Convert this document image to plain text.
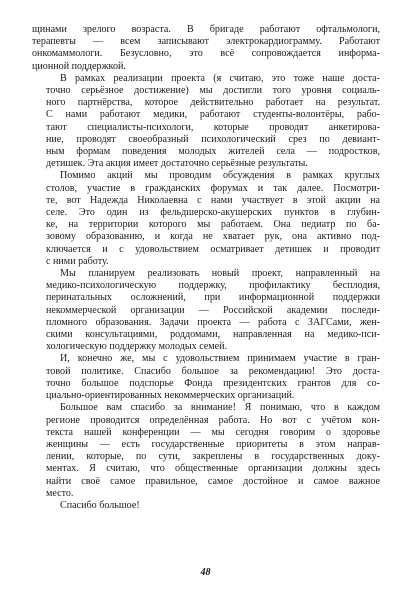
щинами зрелого возраста. В бригаде работают офтальмологи,
терапевты — всем записывают электрокардиограмму. Работают
онкомаммологи. Безусловно, это всё сопровождается информа-
ционной поддержкой.
В рамках реализации проекта (я считаю, это тоже наше доста-
точно серьёзное достижение) мы достигли того уровня социаль-
ного партнёрства, которое действительно работает на результат.
С нами работают медики, работают студенты-волонтёры, рабо-
тают специалисты-психологи, которые проводят анкетирова-
ние, проводят своеобразный психологический срез по девиант-
ным формам поведения молодых жителей села — подростков,
детишек. Эта акция имеет достаточно серьёзные результаты.
Помимо акций мы проводим обсуждения в рамках круглых
столов, участие в гражданских форумах и так далее. Посмотри-
те, вот Надежда Николаевна с нами участвует в этой акции на
селе. Это один из фельдшерско-акушерских пунктов в глубин-
ке, на территории которого мы работаем. Она педиатр по ба-
зовому образованию, и когда не хватает рук, она активно под-
ключается и с удовольствием осматривает детишек и проводит
с ними работу.
Мы планируем реализовать новый проект, направленный на
медико-психологическую поддержку, профилактику бесплодия,
перинатальных осложнений, при информационной поддержки
некоммерческой организации — Российской академии последи-
пломного образования. Задачи проекта — работа с ЗАГСами, жен-
скими консультациями, роддомами, направленная на медико-пси-
хологическую поддержку молодых семей.
И, конечно же, мы с удовольствием принимаем участие в гран-
товой политике. Спасибо большое за рекомендацию! Это доста-
точно большое подспорье Фонда президентских грантов для со-
циально-ориентированных некоммерческих организаций.
Большое вам спасибо за внимание! Я понимаю, что в каждом
регионе проводится определённая работа. Но вот с учётом кон-
текста нашей конференции — мы сегодня говорим о здоровье
женщины — есть государственные приоритеты в этом направ-
лении, которые, по сути, закреплены в государственных доку-
ментах. Я считаю, что общественные организации должны здесь
найти своё самое правильное, самое достойное и самое важное
место.
Спасибо большое!
48
